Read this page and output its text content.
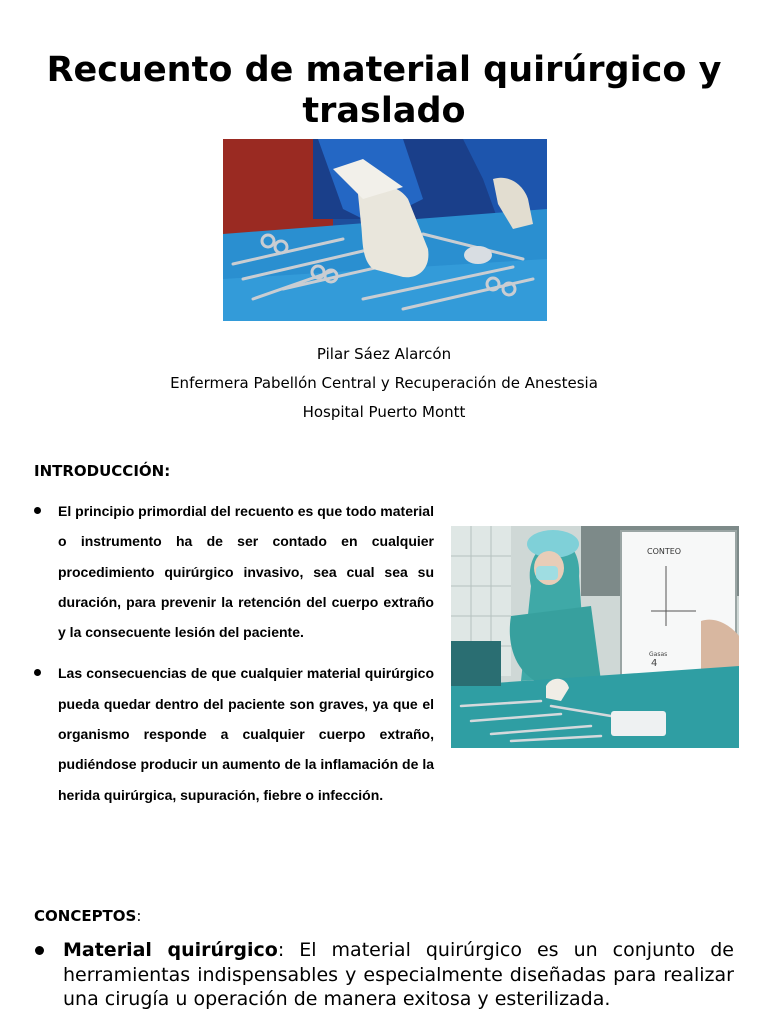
Recuento de material quirúrgico y traslado
Pilar Sáez Alarcón
Enfermera Pabellón Central y Recuperación de Anestesia
Hospital Puerto Montt
INTRODUCCIÓN:
El principio primordial del recuento es que todo material o instrumento ha de ser contado en cualquier procedimiento quirúrgico invasivo, sea cual sea su duración, para prevenir la retención del cuerpo extraño y la consecuente lesión del paciente.
Las consecuencias de que cualquier material quirúrgico pueda quedar dentro del paciente son graves, ya que el organismo responde a cualquier cuerpo extraño, pudiéndose producir un aumento de la inflamación de la herida quirúrgica, supuración, fiebre o infección.
CONTEO
Gasas
4
CONCEPTOS:
Material quirúrgico: El material quirúrgico es un conjunto de herramientas indispensables y especialmente diseñadas para realizar una cirugía u operación de manera exitosa y esterilizada.
